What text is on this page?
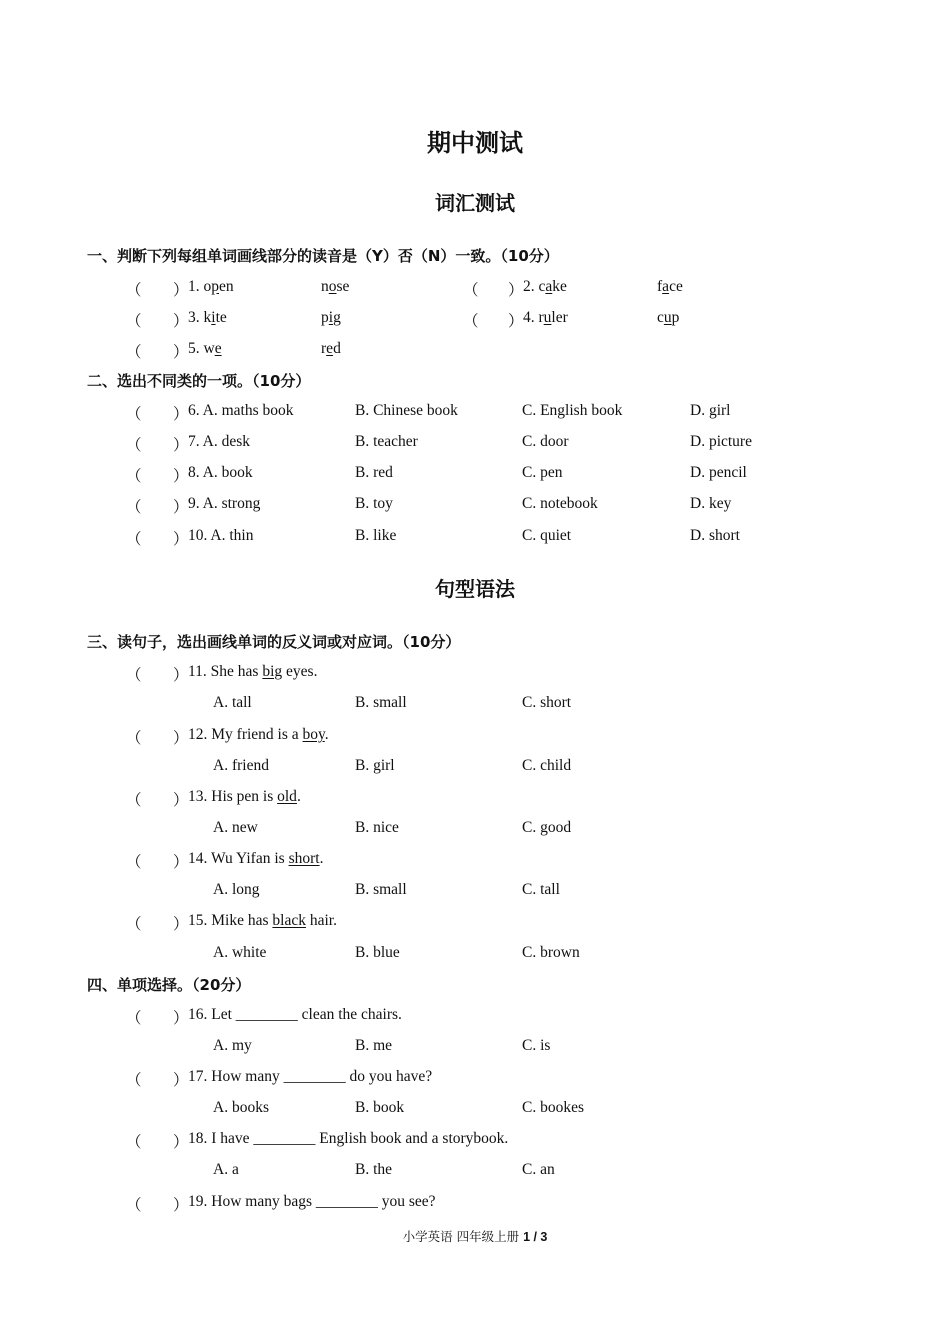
期中测试
词汇测试
一、判断下列每组单词画线部分的读音是（Y）否（N）一致。（10分）
（ ） 1. open	nose	（ ） 2. cake	face
（ ） 3. kite	pig	（ ） 4. ruler	cup
（ ） 5. we	red
二、选出不同类的一项。（10分）
（ ） 6. A. maths book	B. Chinese book	C. English book	D. girl
（ ） 7. A. desk	B. teacher	C. door	D. picture
（ ） 8. A. book	B. red	C. pen	D. pencil
（ ） 9. A. strong	B. toy	C. notebook	D. key
（ ） 10. A. thin	B. like	C. quiet	D. short
句型语法
三、读句子，选出画线单词的反义词或对应词。（10分）
（ ） 11. She has big eyes.
A. tall	B. small	C. short
（ ） 12. My friend is a boy.
A. friend	B. girl	C. child
（ ） 13. His pen is old.
A. new	B. nice	C. good
（ ） 14. Wu Yifan is short.
A. long	B. small	C. tall
（ ） 15. Mike has black hair.
A. white	B. blue	C. brown
四、单项选择。（20分）
（ ） 16. Let ________ clean the chairs.
A. my	B. me	C. is
（ ） 17. How many ________ do you have?
A. books	B. book	C. bookes
（ ） 18. I have ________ English book and a storybook.
A. a	B. the	C. an
（ ） 19. How many bags ________ you see?
小学英语 四年级上册 1 / 3
